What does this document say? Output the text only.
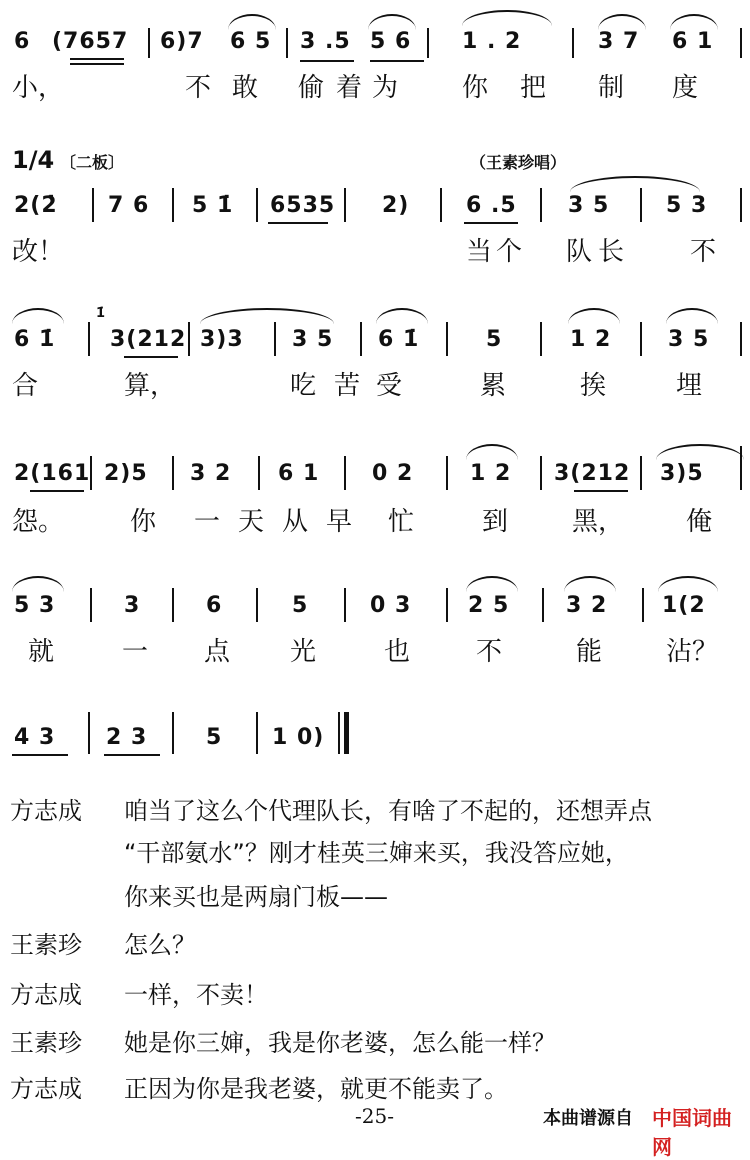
6 (7657 6)7 6 5 3 .5 5 6 1 . 2	3 7 6 1
小，	不 敢 偷 着 为 你 把 制 度
1/4 〔二板〕	（王素珍唱）
2(2̇ 7 6 5 1̇ 6535 2)	6 .5 3 5	5 3
改！	当 个 队 长	不
1̇
6 1̇ 3(212 3)3 3 5 6 1̇	5	1 2	3 5
合	算，	吃 苦 受	累	挨	埋
2(161 2)5 3 2 6 1 0 2	1 2 3(212 3)5
怨。	你 一 天 从 早 忙	到 黑， 俺
5 3	3	6	5	0 3	2 5	3 2 1(2
就	一 点 光	也	不	能 沾？
4 3 2 3	5 1 0)
方志成 咱当了这么个代理队长，有啥了不起的，还想弄点
“干部氨水”？刚才桂英三婶来买，我没答应她，
你来买也是两扇门板——
王素珍 怎么？
方志成 一样，不卖！
王素珍 她是你三婶，我是你老婆，怎么能一样？
方志成 正因为你是我老婆，就更不能卖了。
-25-	本曲谱源自 中国词曲网
